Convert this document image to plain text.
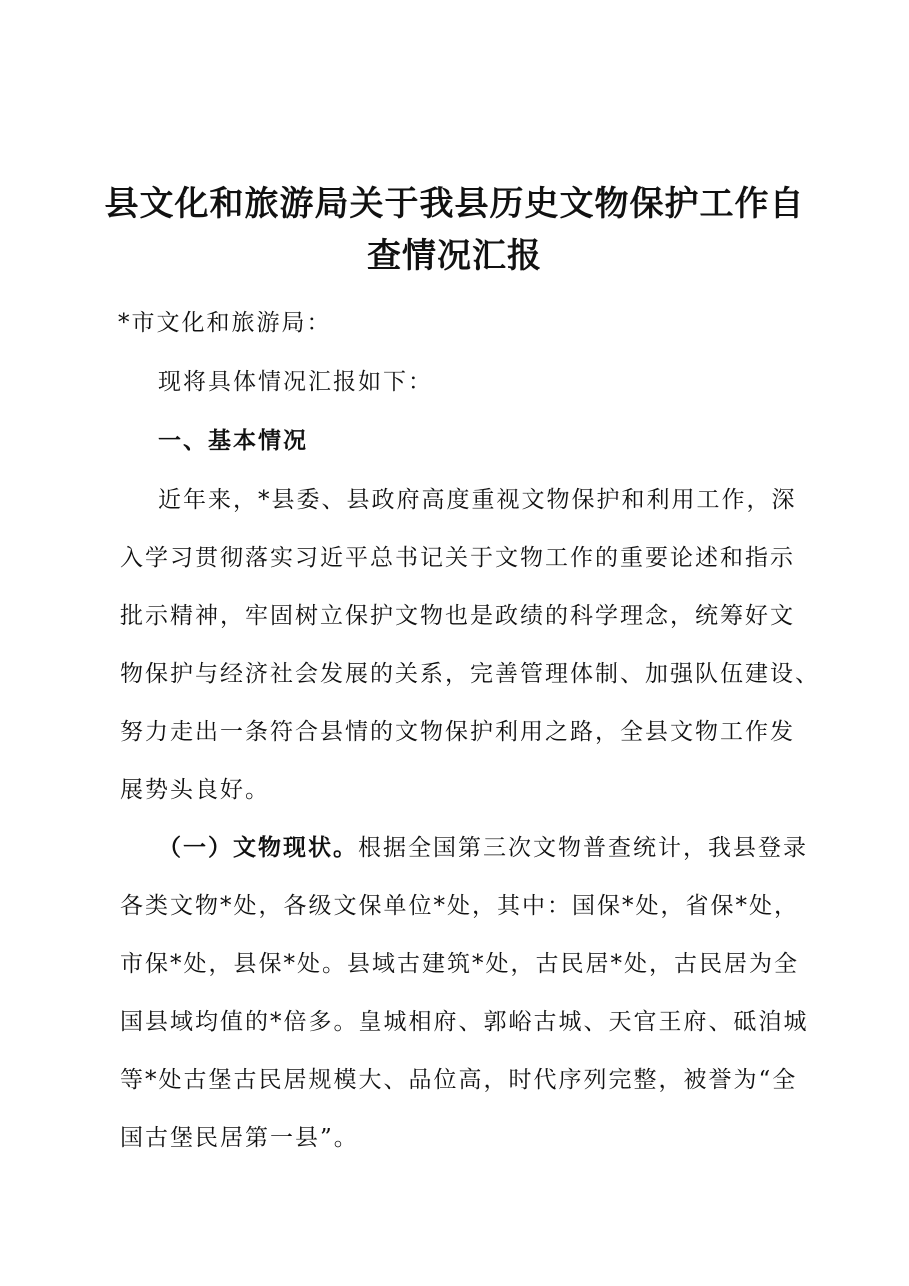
县文化和旅游局关于我县历史文物保护工作自
查情况汇报
*市文化和旅游局：
现将具体情况汇报如下：
一、基本情况
近年来，*县委、县政府高度重视文物保护和利用工作，深
入学习贯彻落实习近平总书记关于文物工作的重要论述和指示
批示精神，牢固树立保护文物也是政绩的科学理念，统筹好文
物保护与经济社会发展的关系，完善管理体制、加强队伍建设、
努力走出一条符合县情的文物保护利用之路，全县文物工作发
展势头良好。
（一）文物现状。根据全国第三次文物普查统计，我县登录
各类文物*处，各级文保单位*处，其中：国保*处，省保*处，
市保*处，县保*处。县域古建筑*处，古民居*处，古民居为全
国县域均值的*倍多。皇城相府、郭峪古城、天官王府、砥洎城
等*处古堡古民居规模大、品位高，时代序列完整，被誉为“全
国古堡民居第一县”。
